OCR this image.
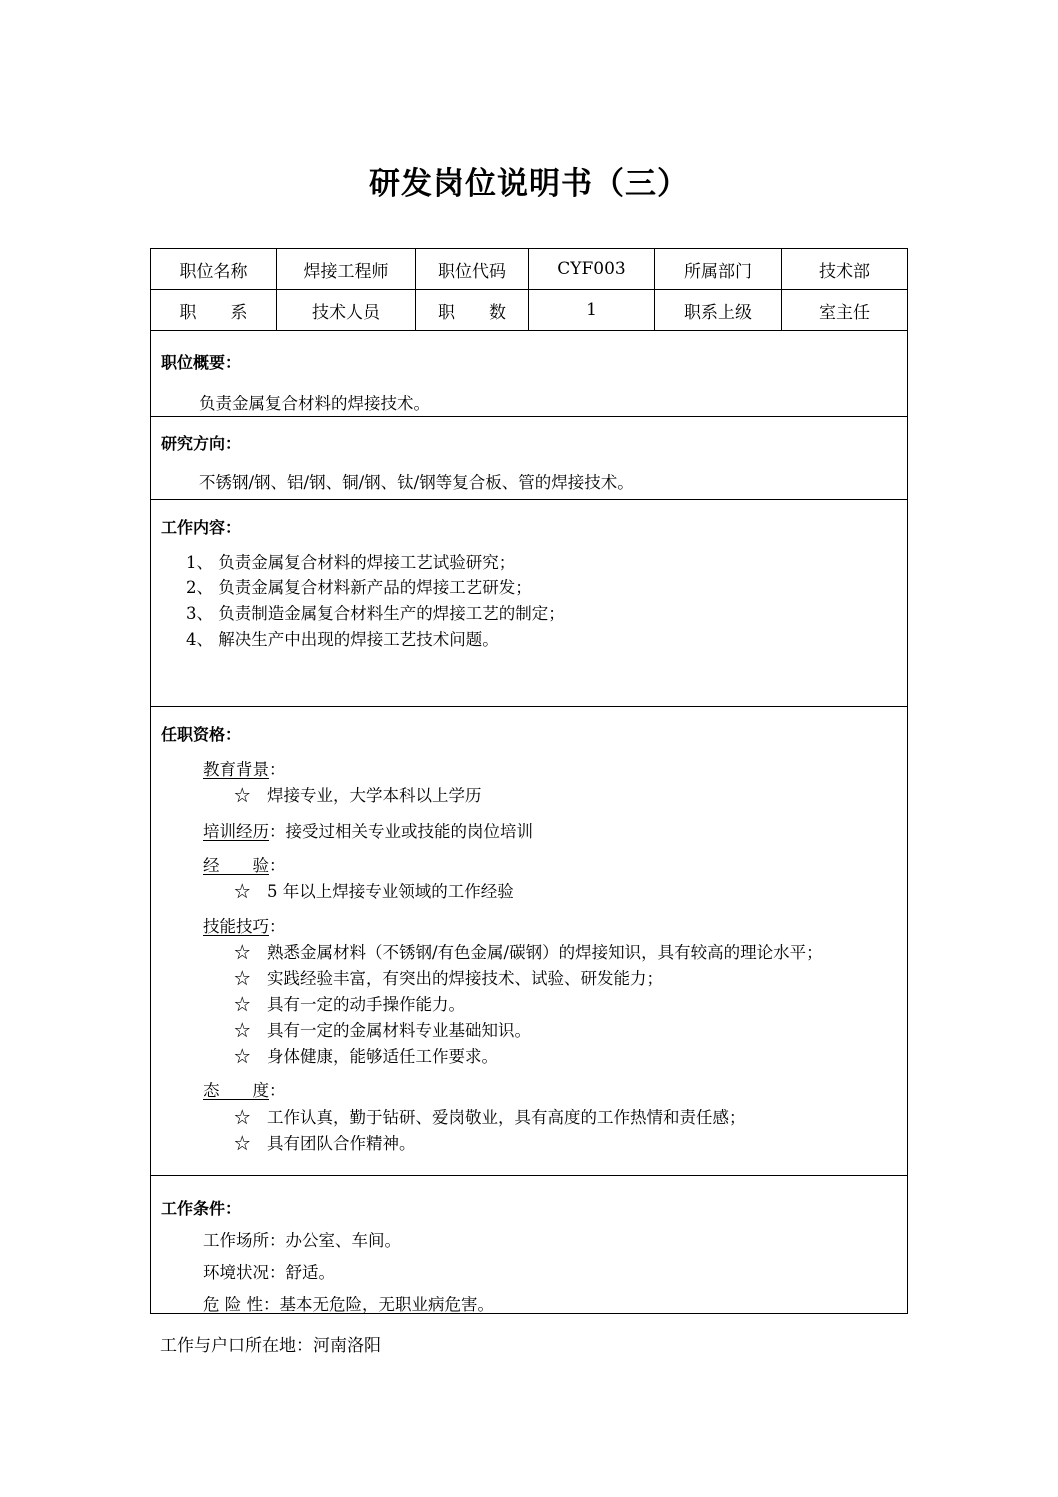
研发岗位说明书（三）
职位名称	焊接工程师	职位代码	CYF003	所属部门	技术部
职　　系	技术人员	职　　数	1	职系上级	室主任
职位概要：
负责金属复合材料的焊接技术。
研究方向：
不锈钢/钢、铝/钢、铜/钢、钛/钢等复合板、管的焊接技术。
工作内容：
1、 负责金属复合材料的焊接工艺试验研究；
2、 负责金属复合材料新产品的焊接工艺研发；
3、 负责制造金属复合材料生产的焊接工艺的制定；
4、 解决生产中出现的焊接工艺技术问题。
任职资格：
教育背景：
☆　焊接专业，大学本科以上学历
培训经历：接受过相关专业或技能的岗位培训
经　　验：
☆　5 年以上焊接专业领域的工作经验
技能技巧：
☆　熟悉金属材料（不锈钢/有色金属/碳钢）的焊接知识，具有较高的理论水平；
☆　实践经验丰富，有突出的焊接技术、试验、研发能力；
☆　具有一定的动手操作能力。
☆　具有一定的金属材料专业基础知识。
☆　身体健康，能够适任工作要求。
态　　度：
☆　工作认真，勤于钻研、爱岗敬业，具有高度的工作热情和责任感；
☆　具有团队合作精神。
工作条件：
工作场所：办公室、车间。
环境状况：舒适。
危 险 性：基本无危险，无职业病危害。
工作与户口所在地：河南洛阳
